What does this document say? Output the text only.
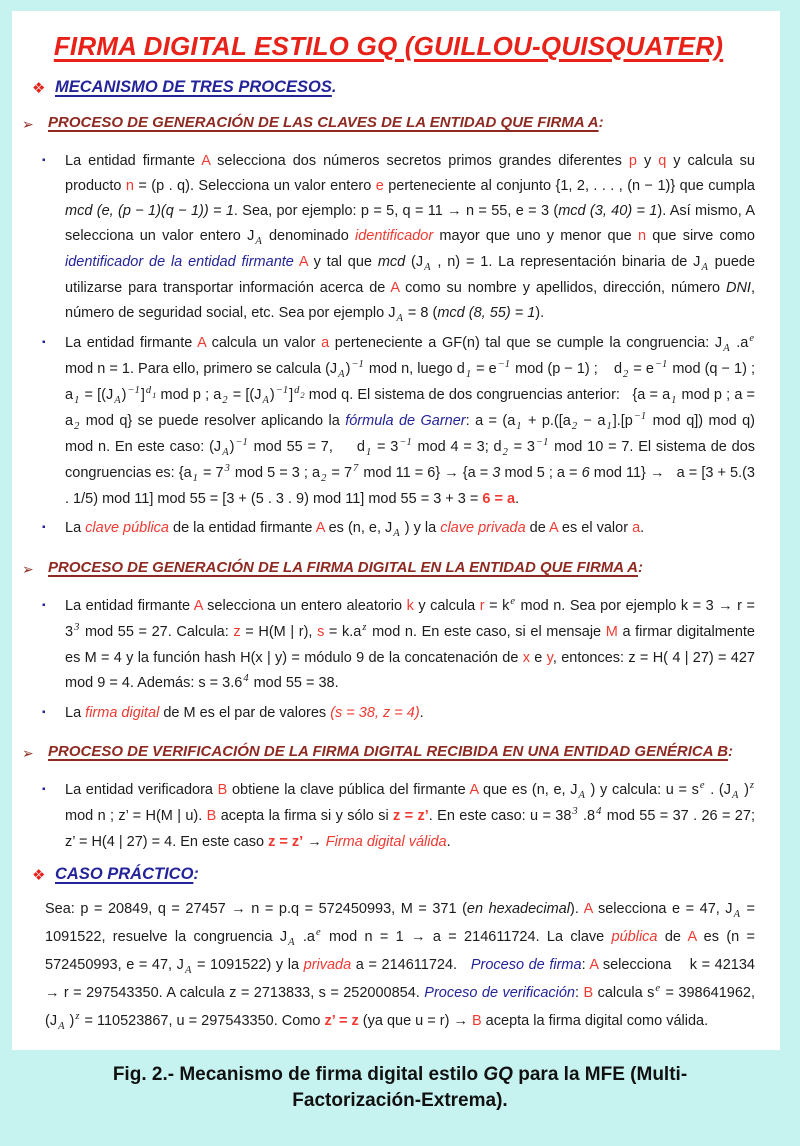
FIRMA DIGITAL ESTILO GQ (GUILLOU-QUISQUATER)
❖ MECANISMO DE TRES PROCESOS.
➢ PROCESO DE GENERACIÓN DE LAS CLAVES DE LA ENTIDAD QUE FIRMA A:
▪ La entidad firmante A selecciona dos números secretos primos grandes diferentes p y q y calcula su producto n = (p . q). Selecciona un valor entero e perteneciente al conjunto {1, 2, . . . , (n − 1)} que cumpla mcd (e, (p − 1)(q − 1)) = 1. Sea, por ejemplo: p = 5, q = 11 → n = 55, e = 3 (mcd (3, 40) = 1). Así mismo, A selecciona un valor entero JA denominado identificador mayor que uno y menor que n que sirve como identificador de la entidad firmante A y tal que mcd (JA , n) = 1. La representación binaria de JA puede utilizarse para transportar información acerca de A como su nombre y apellidos, dirección, número DNI, número de seguridad social, etc. Sea por ejemplo JA = 8 (mcd (8, 55) = 1).
▪ La entidad firmante A calcula un valor a perteneciente a GF(n) tal que se cumple la congruencia: JA .ae mod n = 1. Para ello, primero se calcula (JA)−1 mod n, luego d1 = e−1 mod (p − 1) ;    d2 = e−1 mod (q − 1) ; a1 = [(JA)−1]d1 mod p ; a2 = [(JA)−1]d2 mod q. El sistema de dos congruencias anterior:   {a = a1 mod p ; a = a2 mod q} se puede resolver aplicando la fórmula de Garner: a = (a1 + p.([a2 − a1].[p−1 mod q]) mod q) mod n. En este caso: (JA)−1 mod 55 = 7,     d1 = 3−1 mod 4 = 3; d2 = 3−1 mod 10 = 7. El sistema de dos congruencias es: {a1 = 73 mod 5 = 3 ; a2 = 77 mod 11 = 6} → {a = 3 mod 5 ; a = 6 mod 11} →   a = [3 + 5.(3 . 1/5) mod 11] mod 55 = [3 + (5 . 3 . 9) mod 11] mod 55 = 3 + 3 = 6 = a.
▪ La clave pública de la entidad firmante A es (n, e, JA ) y la clave privada de A es el valor a.
➢ PROCESO DE GENERACIÓN DE LA FIRMA DIGITAL EN LA ENTIDAD QUE FIRMA A:
▪ La entidad firmante A selecciona un entero aleatorio k y calcula r = ke mod n. Sea por ejemplo k = 3 → r = 33 mod 55 = 27. Calcula: z = H(M | r), s = k.az mod n. En este caso, si el mensaje M a firmar digitalmente es M = 4 y la función hash H(x | y) = módulo 9 de la concatenación de x e y, entonces: z = H( 4 | 27) = 427 mod 9 = 4. Además: s = 3.64 mod 55 = 38.
▪ La firma digital de M es el par de valores (s = 38, z = 4).
➢ PROCESO DE VERIFICACIÓN DE LA FIRMA DIGITAL RECIBIDA EN UNA ENTIDAD GENÉRICA B:
▪ La entidad verificadora B obtiene la clave pública del firmante A que es (n, e, JA ) y calcula: u = se . (JA )z mod n ; z’ = H(M | u). B acepta la firma si y sólo si z = z’. En este caso: u = 383 .84 mod 55 = 37 . 26 = 27; z’ = H(4 | 27) = 4. En este caso z = z’ → Firma digital válida.
❖ CASO PRÁCTICO:
Sea: p = 20849, q = 27457 → n = p.q = 572450993, M = 371 (en hexadecimal). A selecciona e = 47, JA = 1091522, resuelve la congruencia JA .ae mod n = 1 → a = 214611724. La clave pública de A es (n = 572450993, e = 47, JA = 1091522) y la privada a = 214611724.   Proceso de firma: A selecciona    k = 42134 → r = 297543350. A calcula z = 2713833, s = 252000854. Proceso de verificación: B calcula se = 398641962, (JA )z = 110523867, u = 297543350. Como z’ = z (ya que u = r) → B acepta la firma digital como válida.
Fig. 2.- Mecanismo de firma digital estilo GQ para la MFE (Multi-Factorización-Extrema).
